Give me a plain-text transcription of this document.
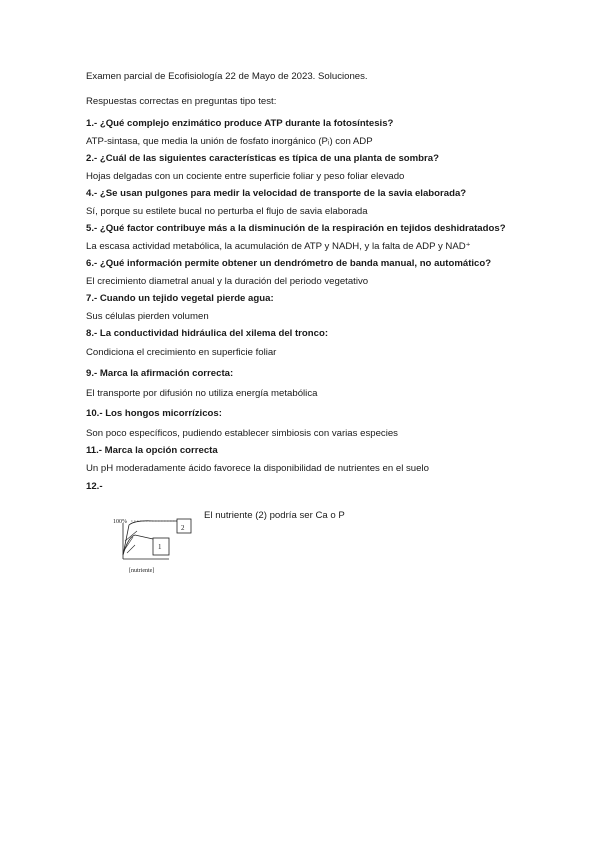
Examen parcial de Ecofisiología 22 de Mayo de 2023. Soluciones.
Respuestas correctas en preguntas tipo test:
1.- ¿Qué complejo enzimático produce ATP durante la fotosíntesis?
ATP-sintasa, que media la unión de fosfato inorgánico (Pᵢ) con ADP
2.- ¿Cuál de las siguientes características es típica de una planta de sombra?
Hojas delgadas con un cociente entre superficie foliar y peso foliar elevado
4.- ¿Se usan pulgones para medir la velocidad de transporte de la savia elaborada?
Sí, porque su estilete bucal no perturba el flujo de savia elaborada
5.- ¿Qué factor contribuye más a la disminución de la respiración en tejidos deshidratados?
La escasa actividad metabólica, la acumulación de ATP y NADH, y la falta de ADP y NAD⁺
6.- ¿Qué información permite obtener un dendrómetro de banda manual, no automático?
El crecimiento diametral anual y la duración del periodo vegetativo
7.- Cuando un tejido vegetal pierde agua:
Sus células pierden volumen
8.- La conductividad hidráulica del xilema del tronco:
Condiciona el crecimiento en superficie foliar
9.- Marca la afirmación correcta:
El transporte por difusión no utiliza energía metabólica
10.- Los hongos micorrízicos:
Son poco específicos, pudiendo establecer simbiosis con varias especies
11.- Marca la opción correcta
Un pH moderadamente ácido favorece la disponibilidad de nutrientes en el suelo
12.-
100%
2
1
[nutriente]
El nutriente (2) podría ser Ca o P
